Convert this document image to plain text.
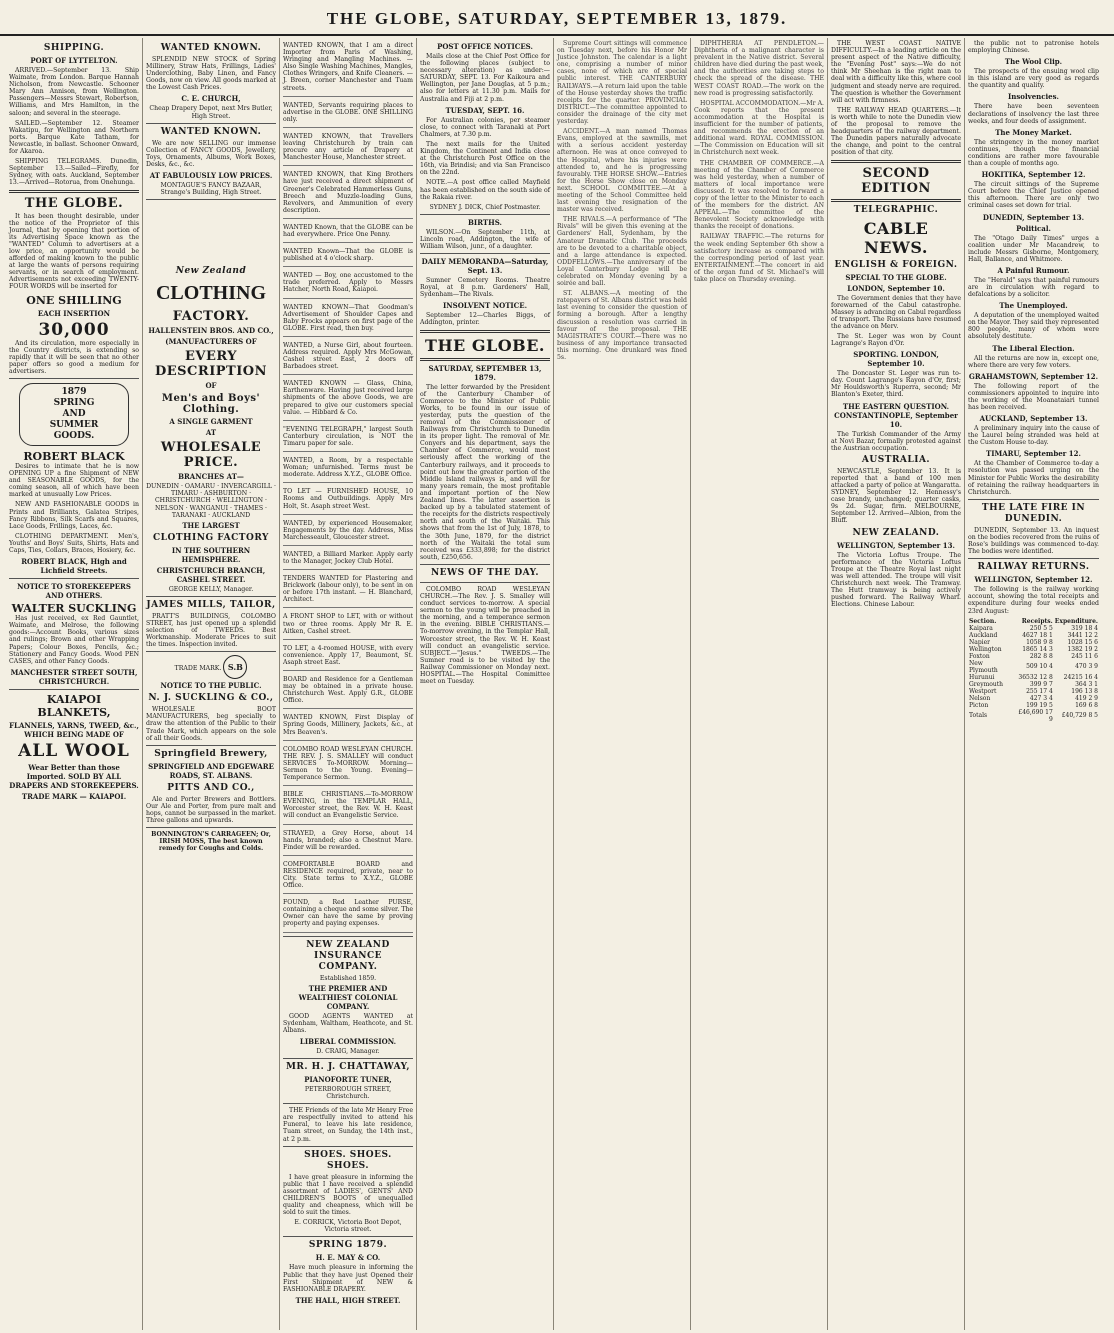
THE GLOBE, SATURDAY, SEPTEMBER 13, 1879.
SHIPPING.
PORT OF LYTTELTON.

ARRIVED.—September 13. Ship Waimate, from London. Barque Hannah Nicholson, from Newcastle. Schooner Mary Ann Annison, from Wellington. Passengers—Messrs Stewart, Robertson, Williams, and Mrs Hamilton, in the saloon; and several in the steerage.

SAILED.—September 12. Steamer Wakatipu, for Wellington and Northern ports. Barque Kate Tatham, for Newcastle, in ballast. Schooner Onward, for Akaroa.

SHIPPING TELEGRAMS. Dunedin, September 13.—Sailed—Firefly, for Sydney, with oats. Auckland, September 13.—Arrived—Rotorua, from Onehunga.

THE GLOBE.

It has been thought desirable, under the notice of the Proprietor of this Journal, that by opening that portion of its Advertising Space known as the "WANTED" Column to advertisers at a low price, an opportunity would be afforded of making known to the public at large the wants of persons requiring servants, or in search of employment. Advertisements not exceeding TWENTY-FOUR WORDS will be inserted for

ONE SHILLING
EACH INSERTION
30,000

And its circulation, more especially in the Country districts, is extending so rapidly that it will be seen that no other paper offers so good a medium for advertisers.

1879
SPRING
AND
SUMMER
GOODS.
ROBERT BLACK

Desires to intimate that he is now OPENING UP a fine Shipment of NEW and SEASONABLE GOODS, for the coming season, all of which have been marked at unusually Low Prices.

NEW AND FASHIONABLE GOODS in Prints and Brilliants, Galatea Stripes, Fancy Ribbons, Silk Scarfs and Squares, Lace Goods, Frillings, Laces, &c.

CLOTHING DEPARTMENT. Men's, Youths' and Boys' Suits, Shirts, Hats and Caps, Ties, Collars, Braces, Hosiery, &c.

ROBERT BLACK, High and Lichfield Streets.
NOTICE TO STOREKEEPERS AND OTHERS.
WALTER SUCKLING

Has just received, ex Red Gauntlet, Waimate, and Melrose, the following goods:—Account Books, various sizes and rulings; Brown and other Wrapping Papers; Colour Boxes, Pencils, &c.; Stationery and Fancy Goods. Wood PEN CASES, and other Fancy Goods.

MANCHESTER STREET SOUTH, CHRISTCHURCH.
KAIAPOI BLANKETS,
FLANNELS, YARNS, TWEED, &c., WHICH BEING MADE OF
ALL WOOL
Wear Better than those Imported. SOLD BY ALL DRAPERS AND STOREKEEPERS.
TRADE MARK — KAIAPOI.
WANTED KNOWN.

SPLENDID NEW STOCK of Spring Millinery, Straw Hats, Frillings, Ladies' Underclothing, Baby Linen, and Fancy Goods, now on view. All goods marked at the Lowest Cash Prices.

C. E. CHURCH,
Cheap Drapery Depot, next Mrs Butler, High Street.
WANTED KNOWN.

We are now SELLING our immense Collection of FANCY GOODS, Jewellery, Toys, Ornaments, Albums, Work Boxes, Desks, &c., &c.

AT FABULOUSLY LOW PRICES.
MONTAGUE'S FANCY BAZAAR, Strange's Building, High Street.
New Zealand
CLOTHING
FACTORY.
HALLENSTEIN BROS. AND CO.,
(MANUFACTURERS OF
EVERY DESCRIPTION
OF
Men's and Boys' Clothing.
A SINGLE GARMENT
AT
WHOLESALE PRICE.
BRANCHES AT—
DUNEDIN · OAMARU · INVERCARGILL · TIMARU · ASHBURTON · CHRISTCHURCH · WELLINGTON · NELSON · WANGANUI · THAMES · TARANAKI · AUCKLAND
THE LARGEST
CLOTHING FACTORY
IN THE SOUTHERN HEMISPHERE.
CHRISTCHURCH BRANCH, CASHEL STREET.
GEORGE KELLY, Manager.
JAMES MILLS, TAILOR,

PRATT'S BUILDINGS, COLOMBO STREET, has just opened up a splendid selection of TWEEDS. Best Workmanship. Moderate Prices to suit the times. Inspection invited.

TRADE MARK. S.B
NOTICE TO THE PUBLIC.
N. J. SUCKLING & CO.,

WHOLESALE BOOT MANUFACTURERS, beg specially to draw the attention of the Public to their Trade Mark, which appears on the sole of all their Goods.

Springfield Brewery,
SPRINGFIELD AND EDGEWARE ROADS, ST. ALBANS.
PITTS AND CO.,

Ale and Porter Brewers and Bottlers. Our Ale and Porter, from pure malt and hops, cannot be surpassed in the market. Three gallons and upwards.

BONNINGTON'S CARRAGEEN; Or, IRISH MOSS, The best known remedy for Coughs and Colds.
WANTED KNOWN, that I am a direct Importer from Paris of Washing, Wringing and Mangling Machines. — Also Single Washing Machines, Mangles, Clothes Wringers, and Knife Cleaners. — J. Breen, corner Manchester and Tuam streets.
WANTED, Servants requiring places to advertise in the GLOBE. ONE SHILLING only.
WANTED KNOWN, that Travellers leaving Christchurch by train can procure any article of Drapery at Manchester House, Manchester street.
WANTED KNOWN, that King Brothers have just received a direct shipment of Greener's Celebrated Hammerless Guns, Breech and Muzzle-loading Guns, Revolvers, and Ammunition of every description.
WANTED Known, that the GLOBE can be had everywhere. Price One Penny.
WANTED Known—That the GLOBE is published at 4 o'clock sharp.
WANTED — Boy, one accustomed to the trade preferred. Apply to Messrs Hatcher, North Road, Kaiapoi.
WANTED KNOWN—That Goodman's Advertisement of Shoulder Capes and Baby Frocks appears on first page of the GLOBE. First read, then buy.
WANTED, a Nurse Girl, about fourteen. Address required. Apply Mrs McGowan, Cashel street East, 2 doors off Barbadoes street.
WANTED KNOWN — Glass, China, Earthenware. Having just received large shipments of the above Goods, we are prepared to give our customers special value. — Hibbard & Co.
"EVENING TELEGRAPH," largest South Canterbury circulation, is NOT the Timaru paper for sale.
WANTED, a Room, by a respectable Woman; unfurnished. Terms must be moderate. Address X.Y.Z., GLOBE Office.
TO LET — FURNISHED HOUSE, 10 Rooms and Outbuildings. Apply Mrs Holt, St. Asaph street West.
WANTED, by experienced Housemaker, Engagements by the day. Address, Miss Marchesseault, Gloucester street.
WANTED, a Billiard Marker. Apply early to the Manager, Jockey Club Hotel.
TENDERS WANTED for Plastering and Brickwork (labour only), to be sent in on or before 17th instant. — H. Blanchard, Architect.
A FRONT SHOP to LET, with or without two or three rooms. Apply Mr R. E. Aitken, Cashel street.
TO LET, a 4-roomed HOUSE, with every convenience. Apply 17, Beaumont, St. Asaph street East.
BOARD and Residence for a Gentleman may be obtained in a private house. Christchurch West. Apply G.R., GLOBE Office.
WANTED KNOWN, First Display of Spring Goods, Millinery, Jackets, &c., at Mrs Beaven's.
COLOMBO ROAD WESLEYAN CHURCH. THE REV. J. S. SMALLEY will conduct SERVICES To-MORROW. Morning—Sermon to the Young. Evening—Temperance Sermon.
BIBLE CHRISTIANS.—To-MORROW EVENING, in the TEMPLAR HALL, Worcester street, the Rev. W. H. Keast will conduct an Evangelistic Service.
STRAYED, a Grey Horse, about 14 hands, branded; also a Chestnut Mare. Finder will be rewarded.
COMFORTABLE BOARD and RESIDENCE required, private, near to City. State terms to X.Y.Z., GLOBE Office.
FOUND, a Red Leather PURSE, containing a cheque and some silver. The Owner can have the same by proving property and paying expenses.
NEW ZEALAND INSURANCE COMPANY.
Established 1859.
THE PREMIER AND WEALTHIEST COLONIAL COMPANY.

GOOD AGENTS WANTED at Sydenham, Waltham, Heathcote, and St. Albans.

LIBERAL COMMISSION.
D. CRAIG, Manager.
MR. H. J. CHATTAWAY,
PIANOFORTE TUNER,
PETERBOROUGH STREET, Christchurch.

THE Friends of the late Mr Henry Free are respectfully invited to attend his Funeral, to leave his late residence, Tuam street, on Sunday, the 14th inst., at 2 p.m.

SHOES. SHOES. SHOES.

I have great pleasure in informing the public that I have received a splendid assortment of LADIES', GENTS' AND CHILDREN'S BOOTS of unequalled quality and cheapness, which will be sold to suit the times.

E. CORRICK, Victoria Boot Depot, Victoria street.
SPRING 1879.
H. E. MAY & CO.

Have much pleasure in informing the Public that they have just Opened their First Shipment of NEW & FASHIONABLE DRAPERY.

THE HALL, HIGH STREET.
POST OFFICE NOTICES.

Mails close at the Chief Post Office for the following places (subject to necessary alteration) as under:— SATURDAY, SEPT. 13. For Kaikoura and Wellington, per Jane Douglas, at 5 p.m.; also for letters at 11.30 p.m. Mails for Australia and Fiji at 2 p.m.

TUESDAY, SEPT. 16.

For Australian colonies, per steamer close, to connect with Taranaki at Port Chalmers, at 7.30 p.m.

The next mails for the United Kingdom, the Continent and India close at the Christchurch Post Office on the 16th, via Brindisi; and via San Francisco on the 22nd.

NOTE.—A post office called Mayfield has been established on the south side of the Rakaia river.

SYDNEY J. DICK, Chief Postmaster.
BIRTHS.

WILSON.—On September 11th, at Lincoln road, Addington, the wife of William Wilson, junr., of a daughter.

DAILY MEMORANDA—Saturday, Sept. 13.

Sumner Cemetery Rooms. Theatre Royal, at 8 p.m. Gardeners' Hall, Sydenham—The Rivals.

INSOLVENT NOTICE.

September 12—Charles Biggs, of Addington, printer.

THE GLOBE.
SATURDAY, SEPTEMBER 13, 1879.

The letter forwarded by the President of the Canterbury Chamber of Commerce to the Minister of Public Works, to be found in our issue of yesterday, puts the question of the removal of the Commissioner of Railways from Christchurch to Dunedin in its proper light. The removal of Mr. Conyers and his department, says the Chamber of Commerce, would most seriously affect the working of the Canterbury railways, and it proceeds to point out how the greater portion of the Middle Island railways is, and will for many years remain, the most profitable and important portion of the New Zealand lines. The latter assertion is backed up by a tabulated statement of the receipts for the districts respectively north and south of the Waitaki. This shows that from the 1st of July, 1878, to the 30th June, 1879, for the district north of the Waitaki the total sum received was £333,898; for the district south, £250,656.

NEWS OF THE DAY.

COLOMBO ROAD WESLEYAN CHURCH.—The Rev. J. S. Smalley will conduct services to-morrow. A special sermon to the young will be preached in the morning, and a temperance sermon in the evening. BIBLE CHRISTIANS.—To-morrow evening, in the Templar Hall, Worcester street, the Rev. W. H. Keast will conduct an evangelistic service. SUBJECT.—"Jesus." TWEEDS.—The Sumner road is to be visited by the Railway Commissioner on Monday next. HOSPITAL.—The Hospital Committee meet on Tuesday.

Supreme Court sittings will commence on Tuesday next, before his Honor Mr Justice Johnston. The calendar is a light one, comprising a number of minor cases, none of which are of special public interest. THE CANTERBURY RAILWAYS.—A return laid upon the table of the House yesterday shows the traffic receipts for the quarter. PROVINCIAL DISTRICT.—The committee appointed to consider the drainage of the city met yesterday.

ACCIDENT.—A man named Thomas Evans, employed at the sawmills, met with a serious accident yesterday afternoon. He was at once conveyed to the Hospital, where his injuries were attended to, and he is progressing favourably. THE HORSE SHOW.—Entries for the Horse Show close on Monday next. SCHOOL COMMITTEE.—At a meeting of the School Committee held last evening the resignation of the master was received.

THE RIVALS.—A performance of "The Rivals" will be given this evening at the Gardeners' Hall, Sydenham, by the Amateur Dramatic Club. The proceeds are to be devoted to a charitable object, and a large attendance is expected. ODDFELLOWS.—The anniversary of the Loyal Canterbury Lodge will be celebrated on Monday evening by a soirée and ball.

ST. ALBANS.—A meeting of the ratepayers of St. Albans district was held last evening to consider the question of forming a borough. After a lengthy discussion a resolution was carried in favour of the proposal. THE MAGISTRATE'S COURT.—There was no business of any importance transacted this morning. One drunkard was fined 5s.

DIPHTHERIA AT PENDLETON.—Diphtheria of a malignant character is prevalent in the Native district. Several children have died during the past week, and the authorities are taking steps to check the spread of the disease. THE WEST COAST ROAD.—The work on the new road is progressing satisfactorily.

HOSPITAL ACCOMMODATION.—Mr A. Cook reports that the present accommodation at the Hospital is insufficient for the number of patients, and recommends the erection of an additional ward. ROYAL COMMISSION.—The Commission on Education will sit in Christchurch next week.

THE CHAMBER OF COMMERCE.—A meeting of the Chamber of Commerce was held yesterday, when a number of matters of local importance were discussed. It was resolved to forward a copy of the letter to the Minister to each of the members for the district. AN APPEAL.—The committee of the Benevolent Society acknowledge with thanks the receipt of donations.

RAILWAY TRAFFIC.—The returns for the week ending September 6th show a satisfactory increase as compared with the corresponding period of last year. ENTERTAINMENT.—The concert in aid of the organ fund of St. Michael's will take place on Thursday evening.

THE WEST COAST NATIVE DIFFICULTY.—In a leading article on the present aspect of the Native difficulty, the "Evening Post" says:—We do not think Mr Sheehan is the right man to deal with a difficulty like this, where cool judgment and steady nerve are required. The question is whether the Government will act with firmness.

THE RAILWAY HEAD QUARTERS.—It is worth while to note the Dunedin view of the proposal to remove the headquarters of the railway department. The Dunedin papers naturally advocate the change, and point to the central position of that city.

SECOND EDITION
TELEGRAPHIC.
CABLE NEWS.
ENGLISH & FOREIGN.
SPECIAL TO THE GLOBE.
LONDON, September 10.

The Government denies that they have forewarned of the Cabul catastrophe. Massey is advancing on Cabul regardless of transport. The Russians have resumed the advance on Merv.

The St. Leger was won by Count Lagrange's Rayon d'Or.

SPORTING. LONDON, September 10.

The Doncaster St. Leger was run to-day. Count Lagrange's Rayon d'Or, first; Mr Houldsworth's Ruperra, second; Mr Blanton's Exeter, third.

THE EASTERN QUESTION. CONSTANTINOPLE, September 10.

The Turkish Commander of the Army at Novi Bazar, formally protested against the Austrian occupation.

AUSTRALIA.

NEWCASTLE, September 13. It is reported that a band of 100 men attacked a party of police at Wangaratta. SYDNEY, September 12. Hennessy's case brandy, unchanged; quarter casks, 9s 2d. Sugar, firm. MELBOURNE, September 12. Arrived—Albion, from the Bluff.

NEW ZEALAND.
WELLINGTON, September 13.

The Victoria Loftus Troupe. The performance of the Victoria Loftus Troupe at the Theatre Royal last night was well attended. The troupe will visit Christchurch next week. The Tramway. The Hutt tramway is being actively pushed forward. The Railway Wharf. Elections. Chinese Labour.

the public not to patronise hotels employing Chinese.

The Wool Clip.

The prospects of the ensuing wool clip in this island are very good as regards the quantity and quality.

Insolvencies.

There have been seventeen declarations of insolvency the last three weeks, and four deeds of assignment.

The Money Market.

The stringency in the money market continues, though the financial conditions are rather more favourable than a couple of months ago.

HOKITIKA, September 12.

The circuit sittings of the Supreme Court before the Chief Justice opened this afternoon. There are only two criminal cases set down for trial.

DUNEDIN, September 13.
Political.

The "Otago Daily Times" urges a coalition under Mr Macandrew, to include Messrs Gisborne, Montgomery, Hall, Ballance, and Whitmore.

A Painful Rumour.

The "Herald" says that painful rumours are in circulation with regard to defalcations by a solicitor.

The Unemployed.

A deputation of the unemployed waited on the Mayor. They said they represented 800 people, many of whom were absolutely destitute.

The Liberal Election.

All the returns are now in, except one, where there are very few voters.

GRAHAMSTOWN, September 12.

The following report of the commissioners appointed to inquire into the working of the Moanataiari tunnel has been received.

AUCKLAND, September 13.

A preliminary inquiry into the cause of the Laurel being stranded was held at the Custom House to-day.

TIMARU, September 12.

At the Chamber of Commerce to-day a resolution was passed urging on the Minister for Public Works the desirability of retaining the railway headquarters in Christchurch.

THE LATE FIRE IN DUNEDIN.

DUNEDIN, September 13. An inquest on the bodies recovered from the ruins of Rose's buildings was commenced to-day. The bodies were identified.

RAILWAY RETURNS.
WELLINGTON, September 12.

The following is the railway working account, showing the total receipts and expenditure during four weeks ended 23rd August:

Section.	Receipts.	Expenditure.
Kaipara	250 5 5	319 18 4
Auckland	4627 18 1	3441 12 2
Napier	1058 9 8	1028 15 6
Wellington	1865 14 3	1382 19 2
Foxton	282 8 8	245 11 6
New Plymouth	509 10 4	470 3 9
Hurunui	36532 12 8	24215 16 4
Greymouth	399 9 7	364 3 1
Westport	255 17 4	196 13 8
Nelson	427 3 4	419 2 9
Picton	199 19 5	169 6 8
Totals	£46,690 17 9	£40,729 8 5
